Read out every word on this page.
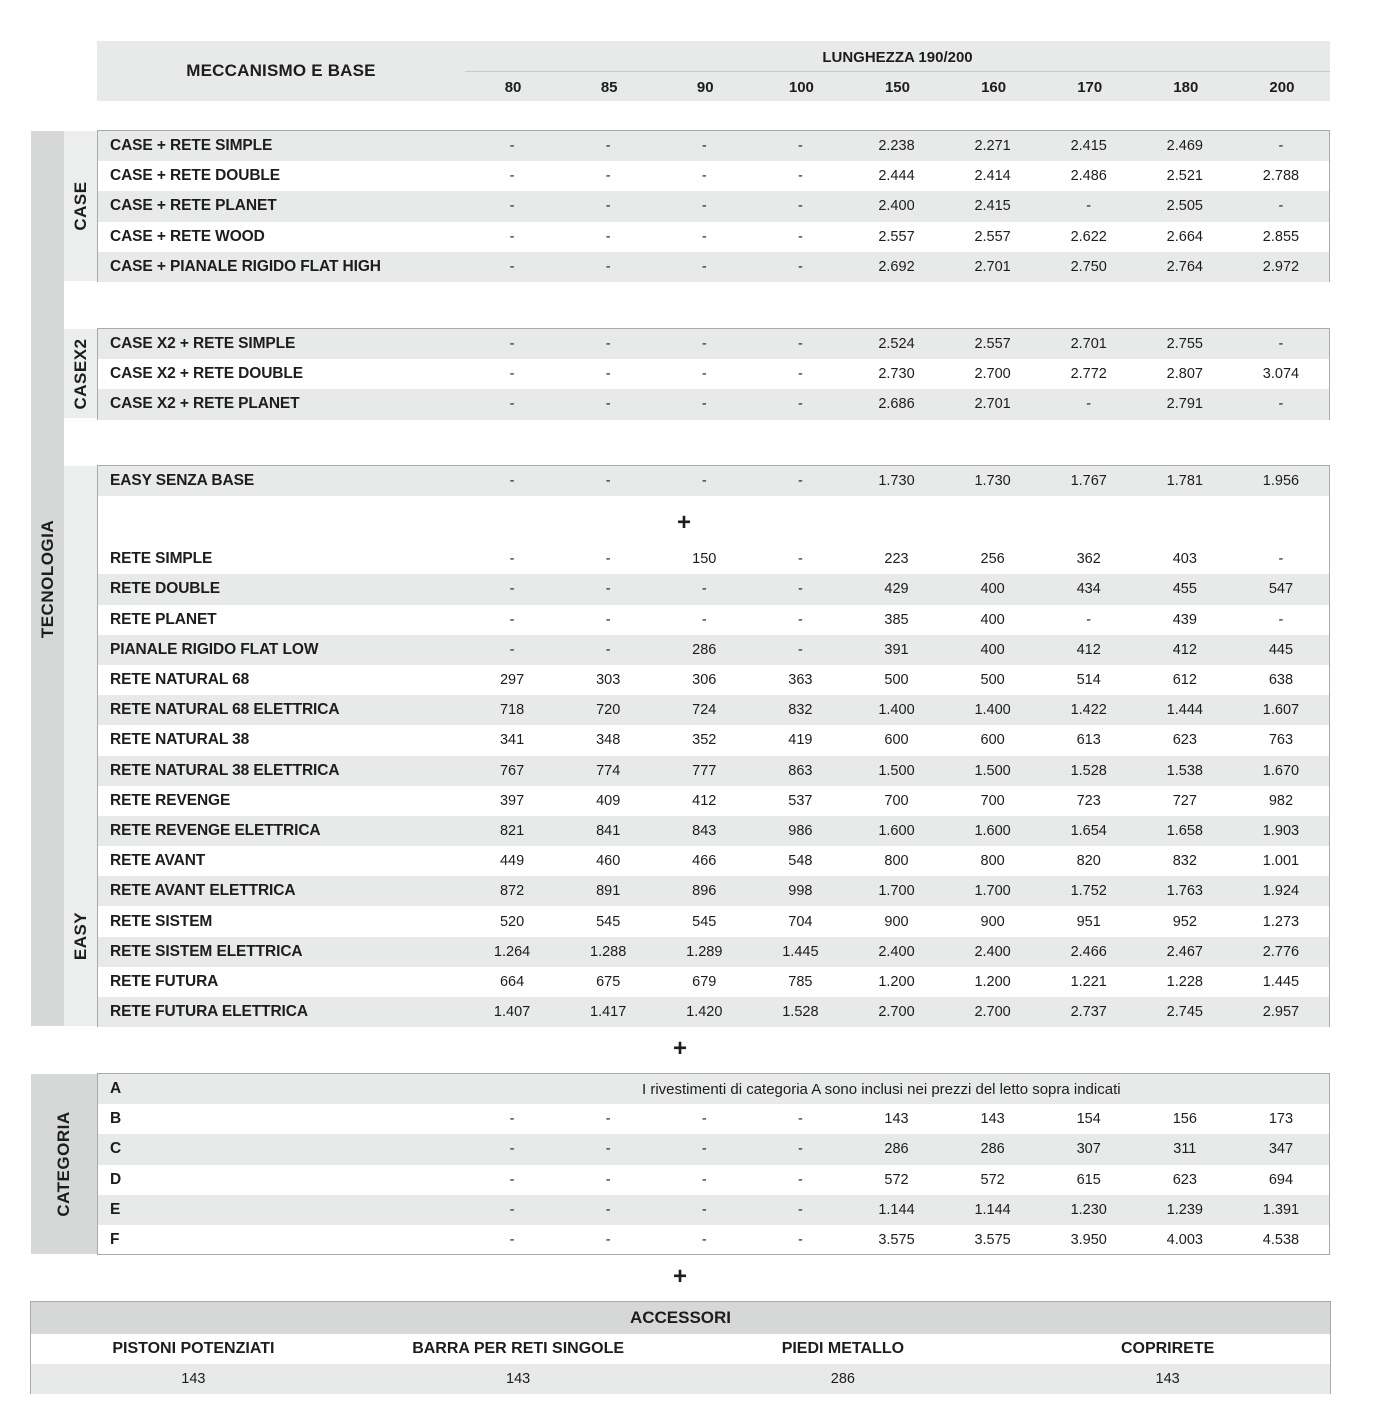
MECCANISMO E BASE
LUNGHEZZA 190/200
80	85	90	100	150	160	170	180	200
TECNOLOGIA
CASE
CASE + RETE SIMPLE	-	-	-	-	2.238	2.271	2.415	2.469	-
CASE + RETE DOUBLE	-	-	-	-	2.444	2.414	2.486	2.521	2.788
CASE + RETE PLANET	-	-	-	-	2.400	2.415	-	2.505	-
CASE + RETE WOOD	-	-	-	-	2.557	2.557	2.622	2.664	2.855
CASE + PIANALE RIGIDO FLAT HIGH	-	-	-	-	2.692	2.701	2.750	2.764	2.972
CASEX2	CASE X2 + RETE SIMPLE	-	-	-	-	2.524	2.557	2.701	2.755	-
CASE X2 + RETE DOUBLE	-	-	-	-	2.730	2.700	2.772	2.807	3.074
CASE X2 + RETE PLANET	-	-	-	-	2.686	2.701	-	2.791	-
EASY
EASY SENZA BASE	-	-	-	-	1.730	1.730	1.767	1.781	1.956
+
RETE SIMPLE	-	-	150	-	223	256	362	403	-
RETE DOUBLE	-	-	-	-	429	400	434	455	547
RETE PLANET	-	-	-	-	385	400	-	439	-
PIANALE RIGIDO FLAT LOW	-	-	286	-	391	400	412	412	445
RETE NATURAL 68	297	303	306	363	500	500	514	612	638
RETE NATURAL 68 ELETTRICA	718	720	724	832	1.400	1.400	1.422	1.444	1.607
RETE NATURAL 38	341	348	352	419	600	600	613	623	763
RETE NATURAL 38 ELETTRICA	767	774	777	863	1.500	1.500	1.528	1.538	1.670
RETE REVENGE	397	409	412	537	700	700	723	727	982
RETE REVENGE ELETTRICA	821	841	843	986	1.600	1.600	1.654	1.658	1.903
RETE AVANT	449	460	466	548	800	800	820	832	1.001
RETE AVANT ELETTRICA	872	891	896	998	1.700	1.700	1.752	1.763	1.924
RETE SISTEM	520	545	545	704	900	900	951	952	1.273
RETE SISTEM ELETTRICA	1.264	1.288	1.289	1.445	2.400	2.400	2.466	2.467	2.776
RETE FUTURA	664	675	679	785	1.200	1.200	1.221	1.228	1.445
RETE FUTURA ELETTRICA	1.407	1.417	1.420	1.528	2.700	2.700	2.737	2.745	2.957
+
CATEGORIA
A	I rivestimenti di categoria A sono inclusi nei prezzi del letto sopra indicati
B	-	-	-	-	143	143	154	156	173
C	-	-	-	-	286	286	307	311	347
D	-	-	-	-	572	572	615	623	694
E	-	-	-	-	1.144	1.144	1.230	1.239	1.391
F	-	-	-	-	3.575	3.575	3.950	4.003	4.538
+
ACCESSORI
PISTONI POTENZIATI	BARRA PER RETI SINGOLE	PIEDI METALLO	COPRIRETE
143	143	286	143
